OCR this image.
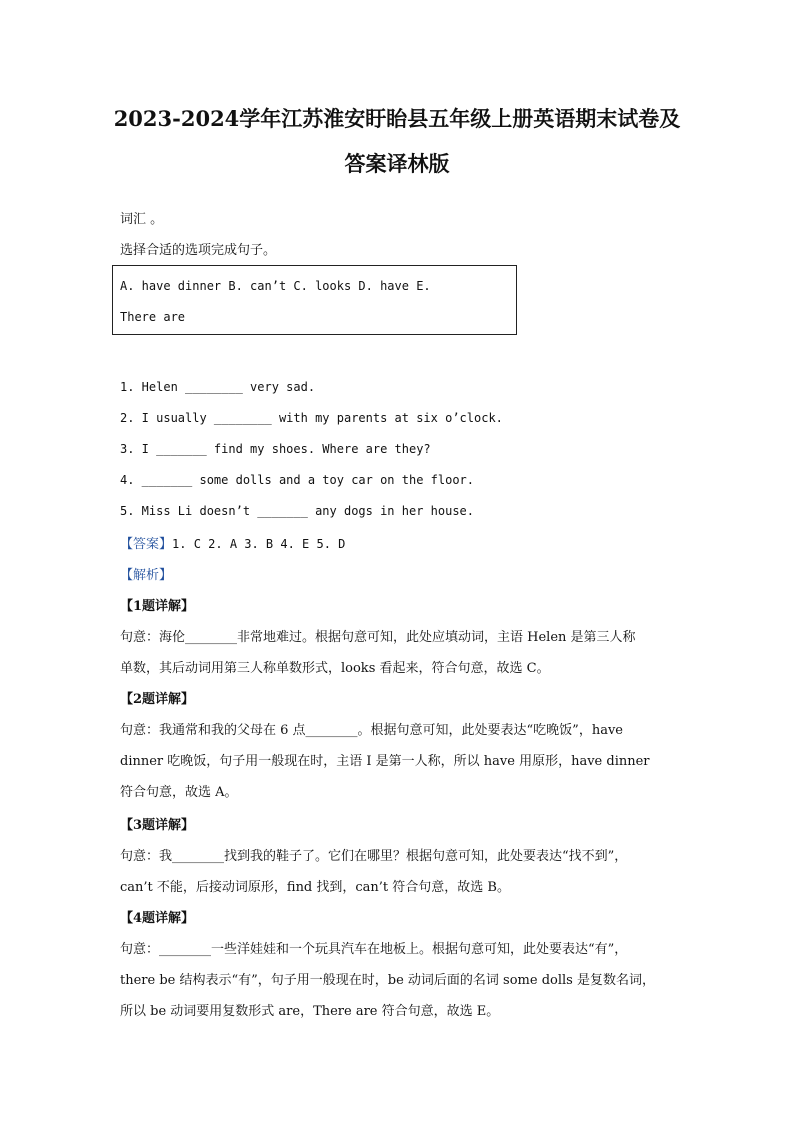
2023-2024学年江苏淮安盱眙县五年级上册英语期末试卷及
答案译林版
词汇 。
选择合适的选项完成句子。
A. have dinner B. can’t C. looks D. have E.
There are
1. Helen ________ very sad.
2. I usually ________ with my parents at six o’clock.
3. I _______ find my shoes. Where are they?
4. _______ some dolls and a toy car on the floor.
5. Miss Li doesn’t _______ any dogs in her house.
【答案】1. C 2. A 3. B 4. E 5. D
【解析】
【1题详解】
句意：海伦________非常地难过。根据句意可知，此处应填动词，主语 Helen 是第三人称
单数，其后动词用第三人称单数形式，looks 看起来，符合句意，故选 C。
【2题详解】
句意：我通常和我的父母在 6 点________。根据句意可知，此处要表达“吃晚饭”，have
dinner 吃晚饭，句子用一般现在时，主语 I 是第一人称，所以 have 用原形，have dinner
符合句意，故选 A。
【3题详解】
句意：我________找到我的鞋子了。它们在哪里？根据句意可知，此处要表达“找不到”，
can’t 不能，后接动词原形，find 找到，can’t 符合句意，故选 B。
【4题详解】
句意：________一些洋娃娃和一个玩具汽车在地板上。根据句意可知，此处要表达“有”，
there be 结构表示“有”，句子用一般现在时，be 动词后面的名词 some dolls 是复数名词，
所以 be 动词要用复数形式 are，There are 符合句意，故选 E。
